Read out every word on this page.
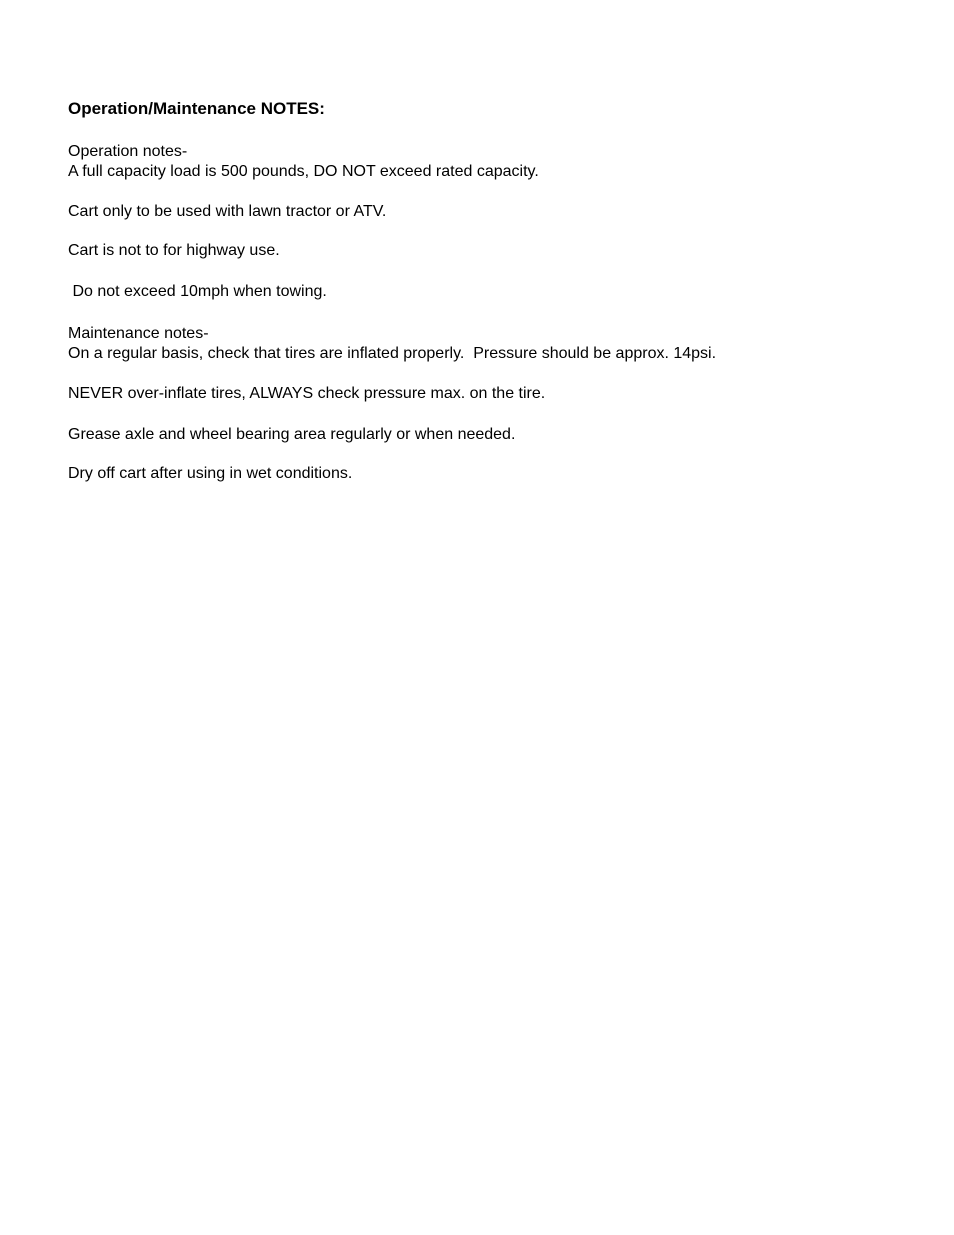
Operation/Maintenance NOTES:

Operation notes-

A full capacity load is 500 pounds, DO NOT exceed rated capacity.

Cart only to be used with lawn tractor or ATV.

Cart is not to for highway use.

Do not exceed 10mph when towing.

Maintenance notes-

On a regular basis, check that tires are inflated properly.  Pressure should be approx. 14psi.

NEVER over-inflate tires, ALWAYS check pressure max. on the tire.

Grease axle and wheel bearing area regularly or when needed.

Dry off cart after using in wet conditions.
